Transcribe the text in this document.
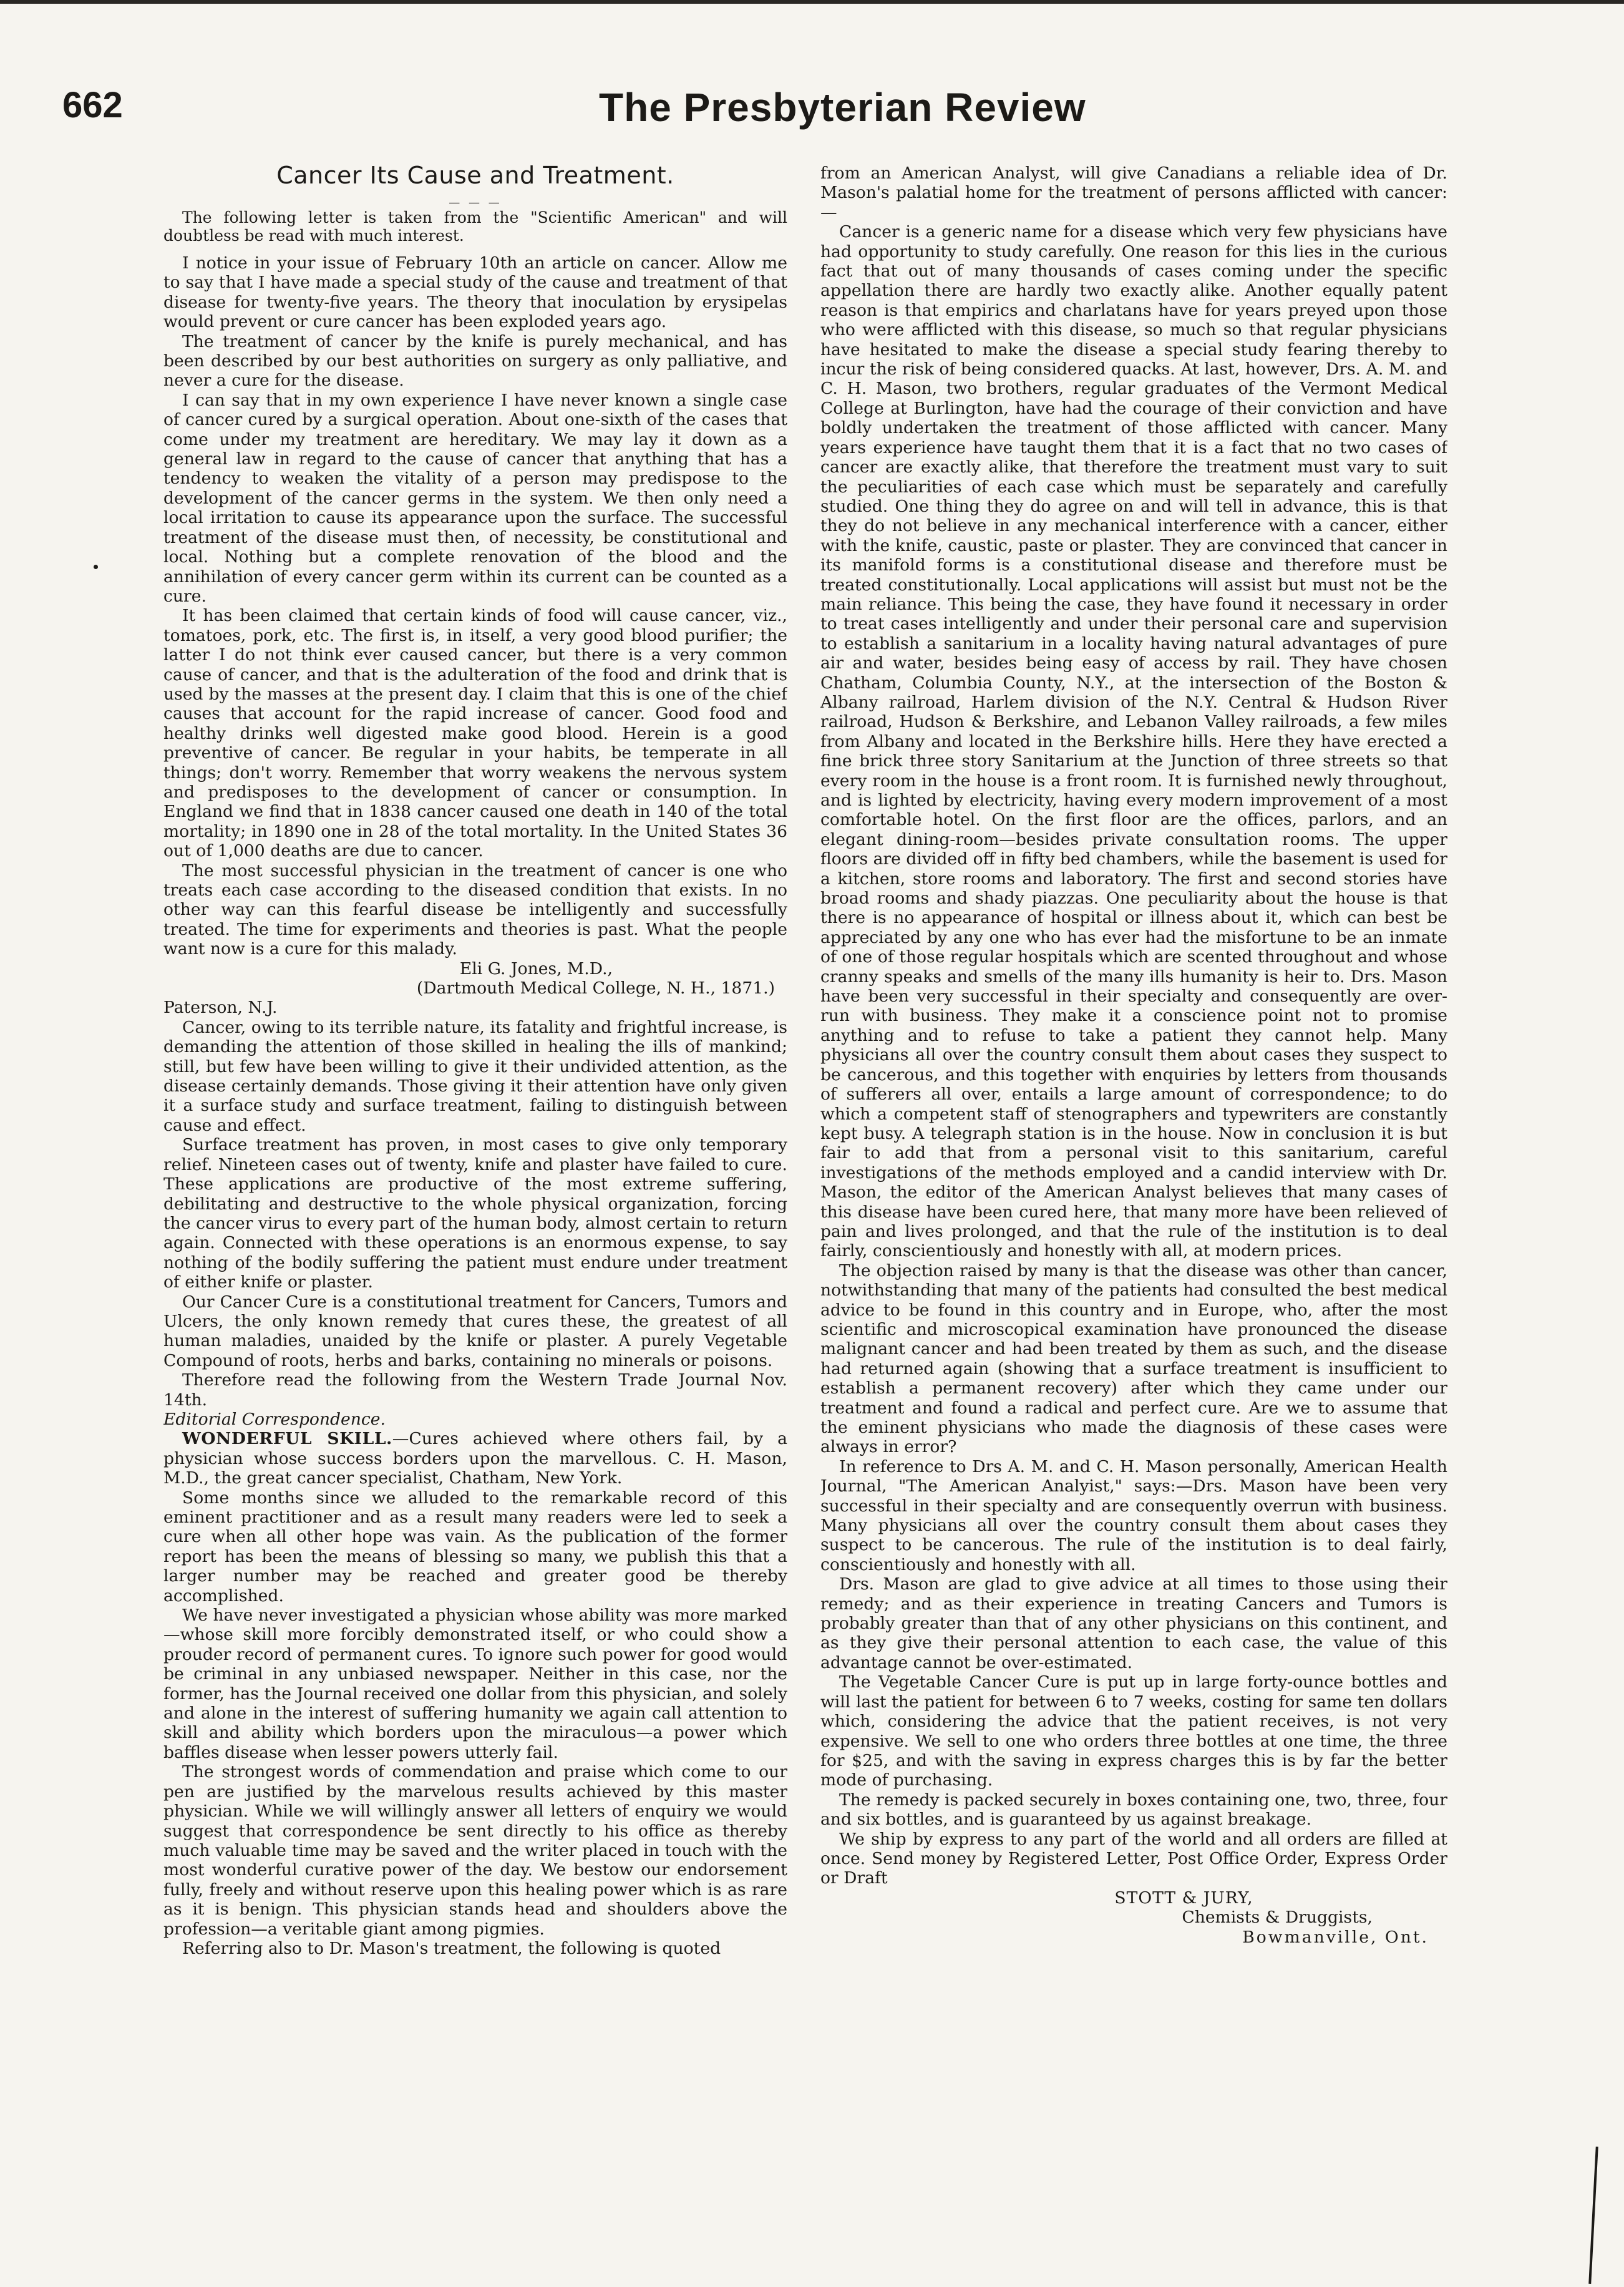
662	The Presbyterian Review
Cancer Its Cause and Treatment.
— — —

The following letter is taken from the "Scientific American" and will doubtless be read with much interest.

I notice in your issue of February 10th an article on cancer. Allow me to say that I have made a special study of the cause and treatment of that disease for twenty-five years. The theory that inoculation by erysipelas would prevent or cure cancer has been exploded years ago.

The treatment of cancer by the knife is purely mechanical, and has been described by our best authorities on surgery as only palliative, and never a cure for the disease.

I can say that in my own experience I have never known a single case of cancer cured by a surgical operation. About one-sixth of the cases that come under my treatment are hereditary. We may lay it down as a general law in regard to the cause of cancer that anything that has a tendency to weaken the vitality of a person may predispose to the development of the cancer germs in the system. We then only need a local irritation to cause its appearance upon the surface. The successful treatment of the disease must then, of necessity, be constitutional and local. Nothing but a complete renovation of the blood and the annihilation of every cancer germ within its current can be counted as a cure.

It has been claimed that certain kinds of food will cause cancer, viz., tomatoes, pork, etc. The first is, in itself, a very good blood purifier; the latter I do not think ever caused cancer, but there is a very common cause of cancer, and that is the adulteration of the food and drink that is used by the masses at the present day. I claim that this is one of the chief causes that account for the rapid increase of cancer. Good food and healthy drinks well digested make good blood. Herein is a good preventive of cancer. Be regular in your habits, be temperate in all things; don't worry. Remember that worry weakens the nervous system and predisposes to the development of cancer or consumption. In England we find that in 1838 cancer caused one death in 140 of the total mortality; in 1890 one in 28 of the total mortality. In the United States 36 out of 1,000 deaths are due to cancer.

The most successful physician in the treatment of cancer is one who treats each case according to the diseased condition that exists. In no other way can this fearful disease be intelligently and successfully treated. The time for experiments and theories is past. What the people want now is a cure for this malady.

Eli G. Jones, M.D.,

(Dartmouth Medical College, N. H., 1871.)

Paterson, N.J.

Cancer, owing to its terrible nature, its fatality and frightful increase, is demanding the attention of those skilled in healing the ills of mankind; still, but few have been willing to give it their undivided attention, as the disease certainly demands. Those giving it their attention have only given it a surface study and surface treatment, failing to distinguish between cause and effect.

Surface treatment has proven, in most cases to give only temporary relief. Nineteen cases out of twenty, knife and plaster have failed to cure. These applications are productive of the most extreme suffering, debilitating and destructive to the whole physical organization, forcing the cancer virus to every part of the human body, almost certain to return again. Connected with these operations is an enormous expense, to say nothing of the bodily suffering the patient must endure under treatment of either knife or plaster.

Our Cancer Cure is a constitutional treatment for Cancers, Tumors and Ulcers, the only known remedy that cures these, the greatest of all human maladies, unaided by the knife or plaster. A purely Vegetable Compound of roots, herbs and barks, containing no minerals or poisons.

Therefore read the following from the Western Trade Journal Nov. 14th.

Editorial Correspondence.

WONDERFUL SKILL.—Cures achieved where others fail, by a physician whose success borders upon the marvellous. C. H. Mason, M.D., the great cancer specialist, Chatham, New York.

Some months since we alluded to the remarkable record of this eminent practitioner and as a result many readers were led to seek a cure when all other hope was vain. As the publication of the former report has been the means of blessing so many, we publish this that a larger number may be reached and greater good be thereby accomplished.

We have never investigated a physician whose ability was more marked—whose skill more forcibly demonstrated itself, or who could show a prouder record of permanent cures. To ignore such power for good would be criminal in any unbiased newspaper. Neither in this case, nor the former, has the Journal received one dollar from this physician, and solely and alone in the interest of suffering humanity we again call attention to skill and ability which borders upon the miraculous—a power which baffles disease when lesser powers utterly fail.

The strongest words of commendation and praise which come to our pen are justified by the marvelous results achieved by this master physician. While we will willingly answer all letters of enquiry we would suggest that correspondence be sent directly to his office as thereby much valuable time may be saved and the writer placed in touch with the most wonderful curative power of the day. We bestow our endorsement fully, freely and without reserve upon this healing power which is as rare as it is benign. This physician stands head and shoulders above the profession—a veritable giant among pigmies.

Referring also to Dr. Mason's treatment, the following is quoted

from an American Analyst, will give Canadians a reliable idea of Dr. Mason's palatial home for the treatment of persons afflicted with cancer:—

Cancer is a generic name for a disease which very few physicians have had opportunity to study carefully. One reason for this lies in the curious fact that out of many thousands of cases coming under the specific appellation there are hardly two exactly alike. Another equally patent reason is that empirics and charlatans have for years preyed upon those who were afflicted with this disease, so much so that regular physicians have hesitated to make the disease a special study fearing thereby to incur the risk of being considered quacks. At last, however, Drs. A. M. and C. H. Mason, two brothers, regular graduates of the Vermont Medical College at Burlington, have had the courage of their conviction and have boldly undertaken the treatment of those afflicted with cancer. Many years experience have taught them that it is a fact that no two cases of cancer are exactly alike, that therefore the treatment must vary to suit the peculiarities of each case which must be separately and carefully studied. One thing they do agree on and will tell in advance, this is that they do not believe in any mechanical interference with a cancer, either with the knife, caustic, paste or plaster. They are convinced that cancer in its manifold forms is a constitutional disease and therefore must be treated constitutionally. Local applications will assist but must not be the main reliance. This being the case, they have found it necessary in order to treat cases intelligently and under their personal care and supervision to establish a sanitarium in a locality having natural advantages of pure air and water, besides being easy of access by rail. They have chosen Chatham, Columbia County, N.Y., at the intersection of the Boston & Albany railroad, Harlem division of the N.Y. Central & Hudson River railroad, Hudson & Berkshire, and Lebanon Valley railroads, a few miles from Albany and located in the Berkshire hills. Here they have erected a fine brick three story Sanitarium at the Junction of three streets so that every room in the house is a front room. It is furnished newly throughout, and is lighted by electricity, having every modern improvement of a most comfortable hotel. On the first floor are the offices, parlors, and an elegant dining-room—besides private consultation rooms. The upper floors are divided off in fifty bed chambers, while the basement is used for a kitchen, store rooms and laboratory. The first and second stories have broad rooms and shady piazzas. One peculiarity about the house is that there is no appearance of hospital or illness about it, which can best be appreciated by any one who has ever had the misfortune to be an inmate of one of those regular hospitals which are scented throughout and whose cranny speaks and smells of the many ills humanity is heir to. Drs. Mason have been very successful in their specialty and consequently are over-run with business. They make it a conscience point not to promise anything and to refuse to take a patient they cannot help. Many physicians all over the country consult them about cases they suspect to be cancerous, and this together with enquiries by letters from thousands of sufferers all over, entails a large amount of correspondence; to do which a competent staff of stenographers and typewriters are constantly kept busy. A telegraph station is in the house. Now in conclusion it is but fair to add that from a personal visit to this sanitarium, careful investigations of the methods employed and a candid interview with Dr. Mason, the editor of the American Analyst believes that many cases of this disease have been cured here, that many more have been relieved of pain and lives prolonged, and that the rule of the institution is to deal fairly, conscientiously and honestly with all, at modern prices.

The objection raised by many is that the disease was other than cancer, notwithstanding that many of the patients had consulted the best medical advice to be found in this country and in Europe, who, after the most scientific and microscopical examination have pronounced the disease malignant cancer and had been treated by them as such, and the disease had returned again (showing that a surface treatment is insufficient to establish a permanent recovery) after which they came under our treatment and found a radical and perfect cure. Are we to assume that the eminent physicians who made the diagnosis of these cases were always in error?

In reference to Drs A. M. and C. H. Mason personally, American Health Journal, "The American Analyist," says:—Drs. Mason have been very successful in their specialty and are consequently overrun with business. Many physicians all over the country consult them about cases they suspect to be cancerous. The rule of the institution is to deal fairly, conscientiously and honestly with all.

Drs. Mason are glad to give advice at all times to those using their remedy; and as their experience in treating Cancers and Tumors is probably greater than that of any other physicians on this continent, and as they give their personal attention to each case, the value of this advantage cannot be over-estimated.

The Vegetable Cancer Cure is put up in large forty-ounce bottles and will last the patient for between 6 to 7 weeks, costing for same ten dollars which, considering the advice that the patient receives, is not very expensive. We sell to one who orders three bottles at one time, the three for $25, and with the saving in express charges this is by far the better mode of purchasing.

The remedy is packed securely in boxes containing one, two, three, four and six bottles, and is guaranteed by us against breakage.

We ship by express to any part of the world and all orders are filled at once. Send money by Registered Letter, Post Office Order, Express Order or Draft

STOTT & JURY,

Chemists & Druggists,

Bowmanville, Ont.
